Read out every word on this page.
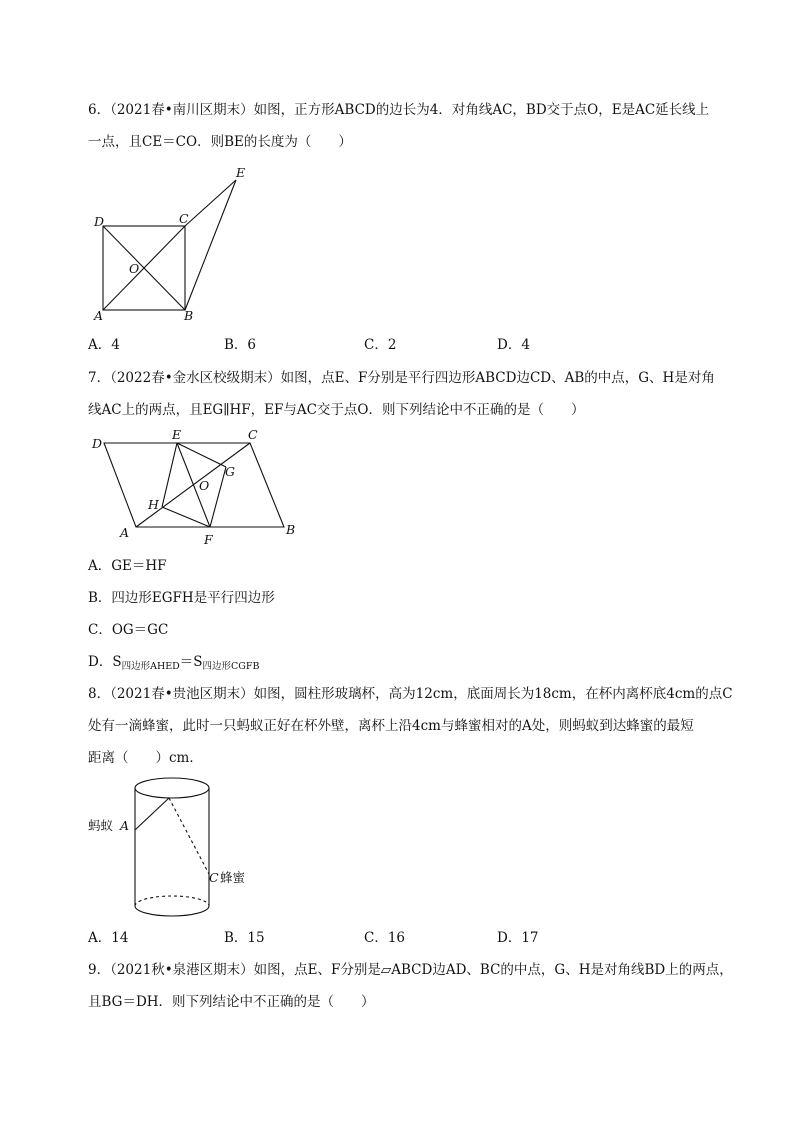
6．（2021春•南川区期末）如图，正方形ABCD的边长为4．对角线AC，BD交于点O，E是AC延长线上
一点，且CE＝CO．则BE的长度为（　　）
D	C
O
A	B
E
A．4	B．6	C．2	D．4
7．（2022春•金水区校级期末）如图，点E、F分别是平行四边形ABCD边CD、AB的中点，G、H是对角
线AC上的两点，且EG∥HF，EF与AC交于点O．则下列结论中不正确的是（　　）
D
E	C
G
O
H
A	F
B
A．GE＝HF
B．四边形EGFH是平行四边形
C．OG＝GC
D．$S_{四边形AHED}=S_{四边形CGFB}$
8．（2021春•贵池区期末）如图，圆柱形玻璃杯，高为12cm，底面周长为18cm，在杯内离杯底4cm的点C
处有一滴蜂蜜，此时一只蚂蚁正好在杯外壁，离杯上沿4cm与蜂蜜相对的A处，则蚂蚁到达蜂蜜的最短
距离（　　）cm．
蚂蚁 A
C 蜂蜜
A．14	B．15	C．16	D．17
9．（2021秋•泉港区期末）如图，点E、F分别是▱ABCD边AD、BC的中点，G、H是对角线BD上的两点，
且BG＝DH．则下列结论中不正确的是（　　）
